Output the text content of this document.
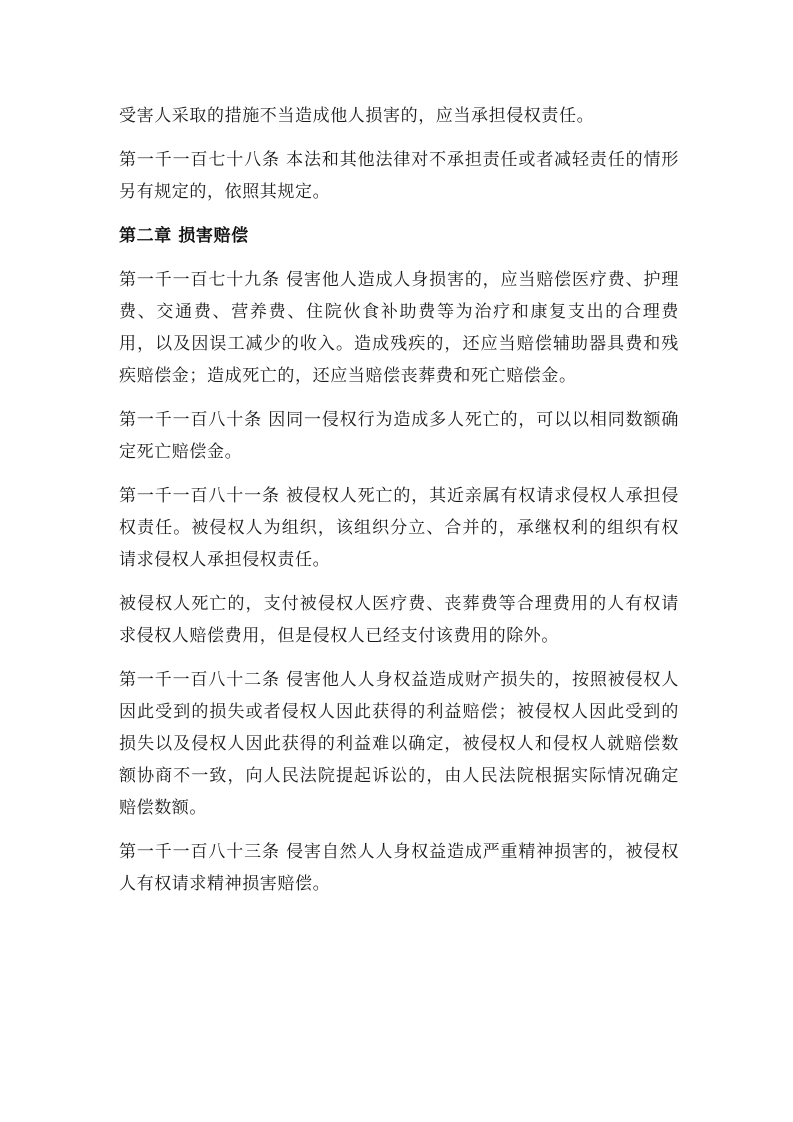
受害人采取的措施不当造成他人损害的，应当承担侵权责任。

第一千一百七十八条 本法和其他法律对不承担责任或者减轻责任的情形另有规定的，依照其规定。

第二章 损害赔偿

第一千一百七十九条 侵害他人造成人身损害的，应当赔偿医疗费、护理费、交通费、营养费、住院伙食补助费等为治疗和康复支出的合理费用，以及因误工减少的收入。造成残疾的，还应当赔偿辅助器具费和残疾赔偿金；造成死亡的，还应当赔偿丧葬费和死亡赔偿金。

第一千一百八十条 因同一侵权行为造成多人死亡的，可以以相同数额确定死亡赔偿金。

第一千一百八十一条 被侵权人死亡的，其近亲属有权请求侵权人承担侵权责任。被侵权人为组织，该组织分立、合并的，承继权利的组织有权请求侵权人承担侵权责任。

被侵权人死亡的，支付被侵权人医疗费、丧葬费等合理费用的人有权请求侵权人赔偿费用，但是侵权人已经支付该费用的除外。

第一千一百八十二条 侵害他人人身权益造成财产损失的，按照被侵权人因此受到的损失或者侵权人因此获得的利益赔偿；被侵权人因此受到的损失以及侵权人因此获得的利益难以确定，被侵权人和侵权人就赔偿数额协商不一致，向人民法院提起诉讼的，由人民法院根据实际情况确定赔偿数额。

第一千一百八十三条 侵害自然人人身权益造成严重精神损害的，被侵权人有权请求精神损害赔偿。
